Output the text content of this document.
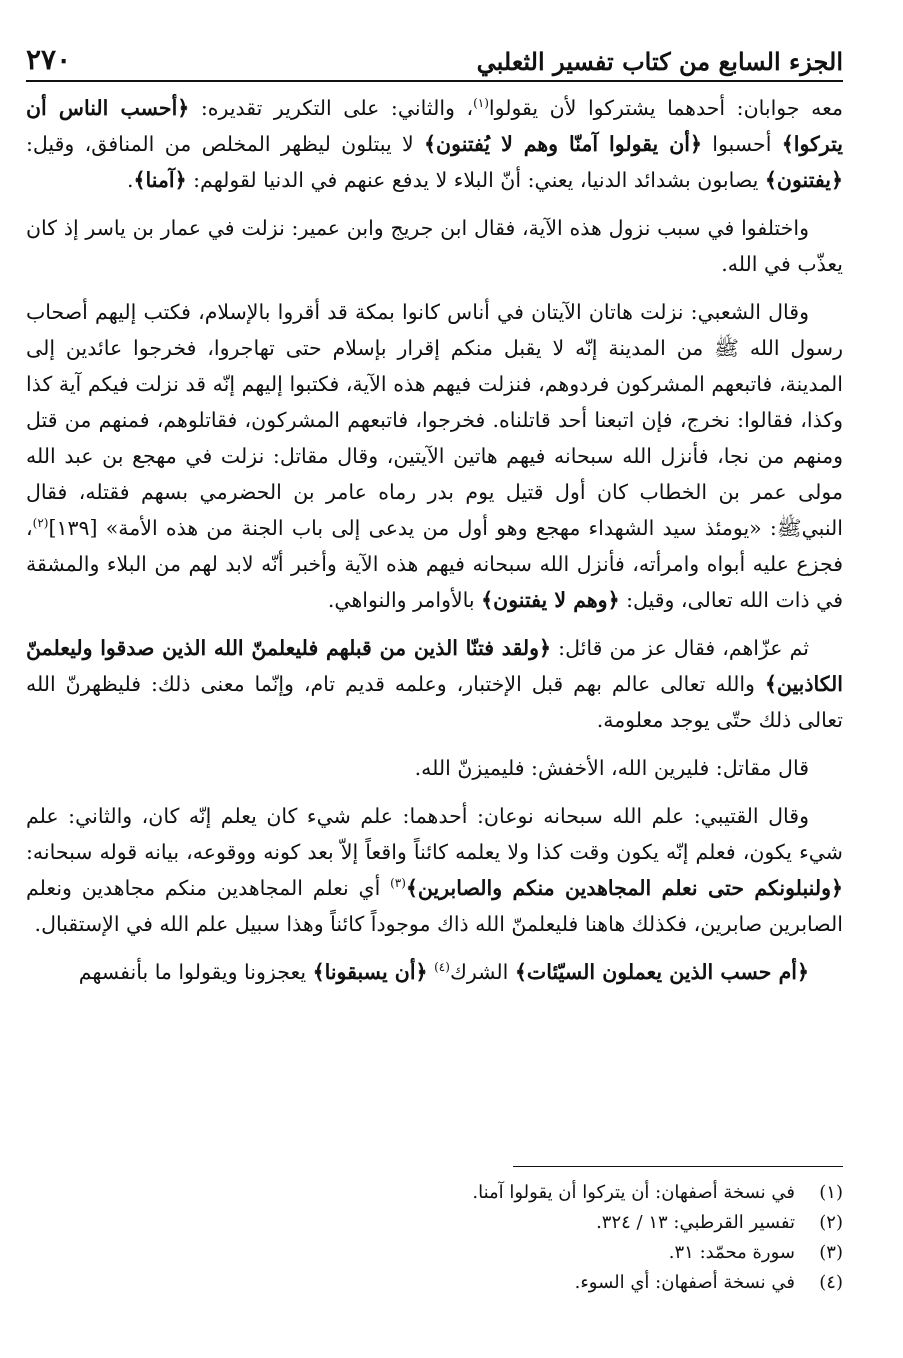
٢٧٠	الجزء السابع من كتاب تفسير الثعلبي

معه جوابان: أحدهما يشتركوا لأن يقولوا$^{(١)}$، والثاني: على التكرير تقديره: ﴿أحسب الناس أن يتركوا﴾ أحسبوا ﴿أن يقولوا آمنّا وهم لا يُفتنون﴾ لا يبتلون ليظهر المخلص من المنافق، وقيل: ﴿يفتنون﴾ يصابون بشدائد الدنيا، يعني: أنّ البلاء لا يدفع عنهم في الدنيا لقولهم: ﴿آمنا﴾.

واختلفوا في سبب نزول هذه الآية، فقال ابن جريج وابن عمير: نزلت في عمار بن ياسر إذ كان يعذّب في الله.

وقال الشعبي: نزلت هاتان الآيتان في أناس كانوا بمكة قد أقروا بالإسلام، فكتب إليهم أصحاب رسول الله ﷺ من المدينة إنّه لا يقبل منكم إقرار بإسلام حتى تهاجروا، فخرجوا عائدين إلى المدينة، فاتبعهم المشركون فردوهم، فنزلت فيهم هذه الآية، فكتبوا إليهم إنّه قد نزلت فيكم آية كذا وكذا، فقالوا: نخرج، فإن اتبعنا أحد قاتلناه. فخرجوا، فاتبعهم المشركون، فقاتلوهم، فمنهم من قتل ومنهم من نجا، فأنزل الله سبحانه فيهم هاتين الآيتين، وقال مقاتل: نزلت في مهجع بن عبد الله مولى عمر بن الخطاب كان أول قتيل يوم بدر رماه عامر بن الحضرمي بسهم فقتله، فقال النبيﷺ: «يومئذ سيد الشهداء مهجع وهو أول من يدعى إلى باب الجنة من هذه الأمة» [١٣٩]$^{(٢)}$، فجزع عليه أبواه وامرأته، فأنزل الله سبحانه فيهم هذه الآية وأخبر أنّه لابد لهم من البلاء والمشقة في ذات الله تعالى، وقيل: ﴿وهم لا يفتنون﴾ بالأوامر والنواهي.

ثم عزّاهم، فقال عز من قائل: ﴿ولقد فتنّا الذين من قبلهم فليعلمنّ الله الذين صدقوا وليعلمنّ الكاذبين﴾ والله تعالى عالم بهم قبل الإختبار، وعلمه قديم تام، وإنّما معنى ذلك: فليظهرنّ الله تعالى ذلك حتّى يوجد معلومة.

قال مقاتل: فليرين الله، الأخفش: فليميزنّ الله.

وقال القتيبي: علم الله سبحانه نوعان: أحدهما: علم شيء كان يعلم إنّه كان، والثاني: علم شيء يكون، فعلم إنّه يكون وقت كذا ولا يعلمه كائناً واقعاً إلاّ بعد كونه ووقوعه، بيانه قوله سبحانه: ﴿ولنبلونكم حتى نعلم المجاهدين منكم والصابرين﴾$^{(٣)}$ أي نعلم المجاهدين منكم مجاهدين ونعلم الصابرين صابرين، فكذلك هاهنا فليعلمنّ الله ذاك موجوداً كائناً وهذا سبيل علم الله في الإستقبال.

﴿أم حسب الذين يعملون السيّئات﴾ الشرك$^{(٤)}$ ﴿أن يسبقونا﴾ يعجزونا ويقولوا ما بأنفسهم

(١)
في نسخة أصفهان: أن يتركوا أن يقولوا آمنا.
(٢)
تفسير القرطبي: ١٣ / ٣٢٤.
(٣)
سورة محمّد: ٣١.
(٤)
في نسخة أصفهان: أي السوء.
